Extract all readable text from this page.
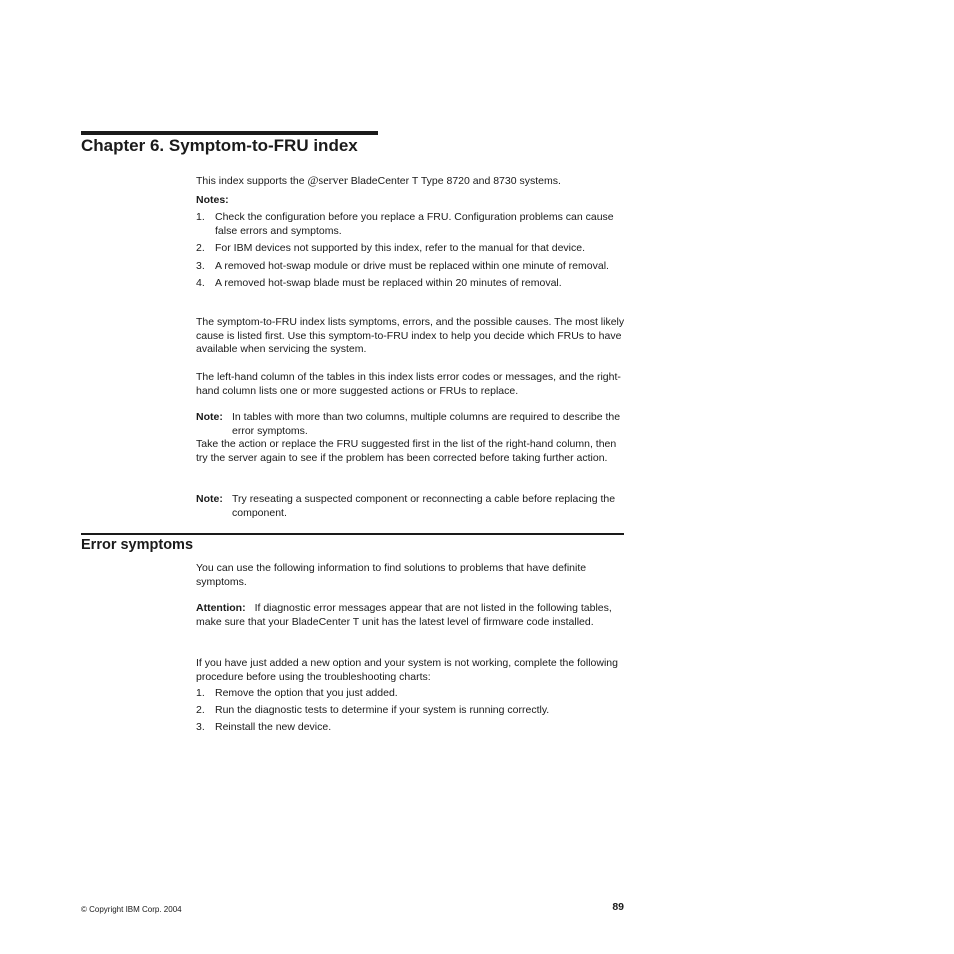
Chapter 6. Symptom-to-FRU index
This index supports the @server BladeCenter T Type 8720 and 8730 systems.
Notes:
1. Check the configuration before you replace a FRU. Configuration problems can cause false errors and symptoms.
2. For IBM devices not supported by this index, refer to the manual for that device.
3. A removed hot-swap module or drive must be replaced within one minute of removal.
4. A removed hot-swap blade must be replaced within 20 minutes of removal.

The symptom-to-FRU index lists symptoms, errors, and the possible causes. The most likely cause is listed first. Use this symptom-to-FRU index to help you decide which FRUs to have available when servicing the system.

The left-hand column of the tables in this index lists error codes or messages, and the right-hand column lists one or more suggested actions or FRUs to replace.

Note: In tables with more than two columns, multiple columns are required to describe the error symptoms.

Take the action or replace the FRU suggested first in the list of the right-hand column, then try the server again to see if the problem has been corrected before taking further action.

Note: Try reseating a suspected component or reconnecting a cable before replacing the component.
Error symptoms

You can use the following information to find solutions to problems that have definite symptoms.

Attention: If diagnostic error messages appear that are not listed in the following tables, make sure that your BladeCenter T unit has the latest level of firmware code installed.

If you have just added a new option and your system is not working, complete the following procedure before using the troubleshooting charts:

1. Remove the option that you just added.
2. Run the diagnostic tests to determine if your system is running correctly.
3. Reinstall the new device.
© Copyright IBM Corp. 2004	89
